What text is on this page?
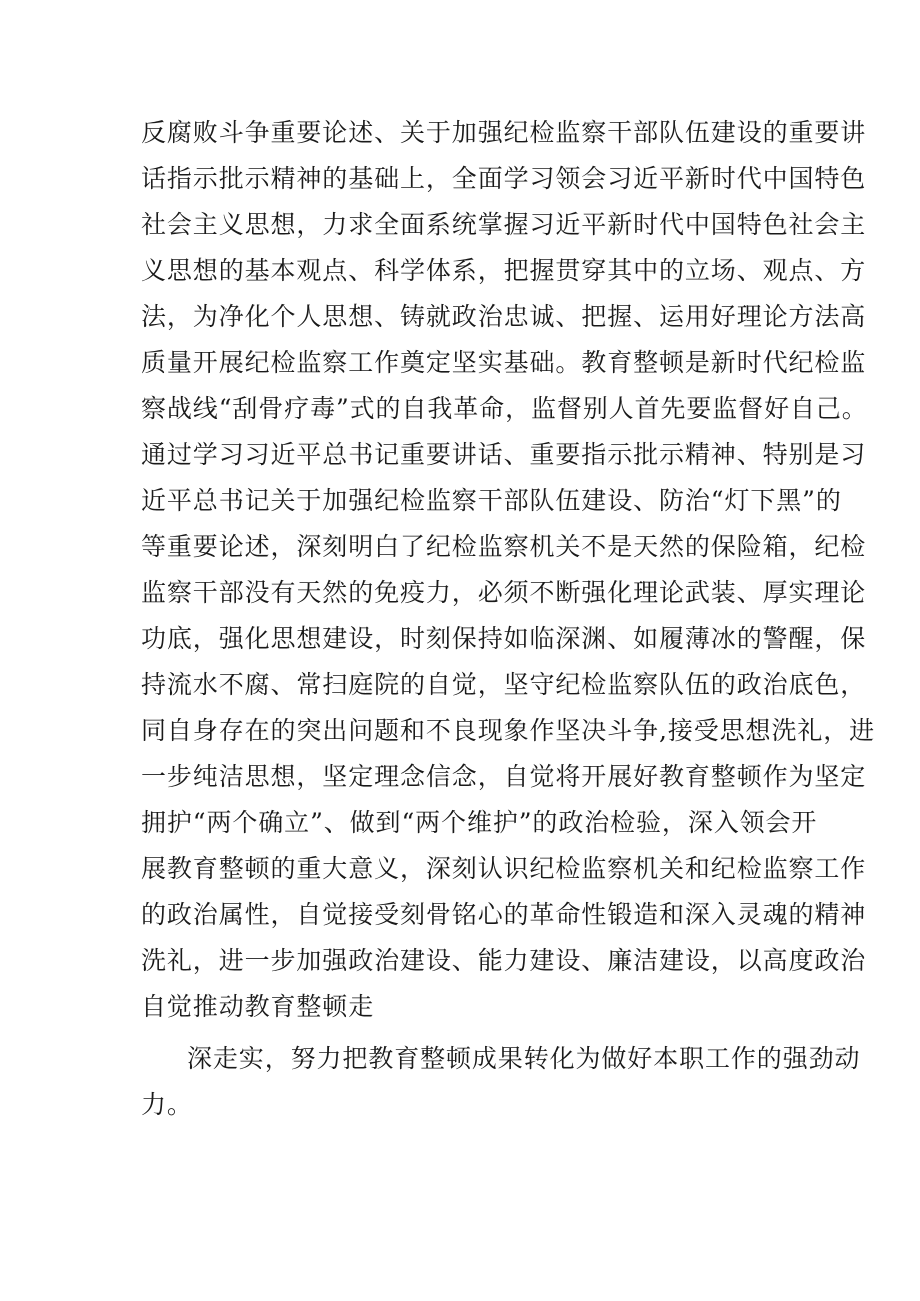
反腐败斗争重要论述、关于加强纪检监察干部队伍建设的重要讲

话指示批示精神的基础上，全面学习领会习近平新时代中国特色

社会主义思想，力求全面系统掌握习近平新时代中国特色社会主

义思想的基本观点、科学体系，把握贯穿其中的立场、观点、方

法，为净化个人思想、铸就政治忠诚、把握、运用好理论方法高

质量开展纪检监察工作奠定坚实基础。教育整顿是新时代纪检监

察战线“刮骨疗毒”式的自我革命，监督别人首先要监督好自己。

通过学习习近平总书记重要讲话、重要指示批示精神、特别是习

近平总书记关于加强纪检监察干部队伍建设、防治“灯下黑”的

等重要论述，深刻明白了纪检监察机关不是天然的保险箱，纪检

监察干部没有天然的免疫力，必须不断强化理论武装、厚实理论

功底，强化思想建设，时刻保持如临深渊、如履薄冰的警醒，保

持流水不腐、常扫庭院的自觉，坚守纪检监察队伍的政治底色，

同自身存在的突出问题和不良现象作坚决斗争,接受思想洗礼，进

一步纯洁思想，坚定理念信念，自觉将开展好教育整顿作为坚定

拥护“两个确立”、做到“两个维护”的政治检验，深入领会开

展教育整顿的重大意义，深刻认识纪检监察机关和纪检监察工作

的政治属性，自觉接受刻骨铭心的革命性锻造和深入灵魂的精神

洗礼，进一步加强政治建设、能力建设、廉洁建设，以高度政治

自觉推动教育整顿走

深走实，努力把教育整顿成果转化为做好本职工作的强劲动

力。
